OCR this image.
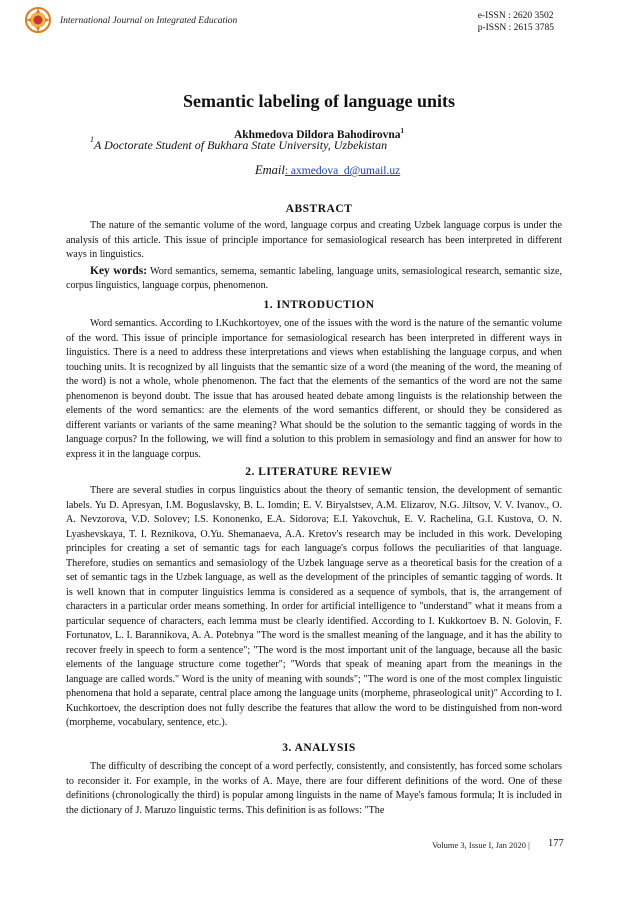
International Journal on Integrated Education	e-ISSN : 2620 3502
p-ISSN : 2615 3785
Semantic labeling of language units
Akhmedova Dildora Bahodirovna$^1$
$^1$A Doctorate Student of Bukhara State University, Uzbekistan
Email: axmedova_d@umail.uz
ABSTRACT

The nature of the semantic volume of the word, language corpus and creating Uzbek language corpus is under the analysis of this article. This issue of principle importance for semasiological research has been interpreted in different ways in linguistics.

Key words: Word semantics, semema, semantic labeling, language units, semasiological research, semantic size, corpus linguistics, language corpus, phenomenon.

1. INTRODUCTION

Word semantics. According to I.Kuchkortoyev, one of the issues with the word is the nature of the semantic volume of the word. This issue of principle importance for semasiological research has been interpreted in different ways in linguistics. There is a need to address these interpretations and views when establishing the language corpus, and when touching units. It is recognized by all linguists that the semantic size of a word (the meaning of the word, the meaning of the word) is not a whole, whole phenomenon. The fact that the elements of the semantics of the word are not the same phenomenon is beyond doubt. The issue that has aroused heated debate among linguists is the relationship between the elements of the word semantics: are the elements of the word semantics different, or should they be considered as different variants or variants of the same meaning? What should be the solution to the semantic tagging of words in the language corpus? In the following, we will find a solution to this problem in semasiology and find an answer for how to express it in the language corpus.

2. LITERATURE REVIEW

There are several studies in corpus linguistics about the theory of semantic tension, the development of semantic labels. Yu D. Apresyan, I.M. Boguslavsky, B. L. Iomdin; E. V. Biryalstsev, A.M. Elizarov, N.G. Jiltsov, V. V. Ivanov., O. A. Nevzorova, V.D. Solovev; I.S. Kononenko, E.A. Sidorova; E.I. Yakovchuk, E. V. Rachelina, G.I. Kustova, O. N. Lyashevskaya, T. I. Reznikova, O.Yu. Shemanaeva, A.A. Kretov's research may be included in this work. Developing principles for creating a set of semantic tags for each language's corpus follows the peculiarities of that language. Therefore, studies on semantics and semasiology of the Uzbek language serve as a theoretical basis for the creation of a set of semantic tags in the Uzbek language, as well as the development of the principles of semantic tagging of words. It is well known that in computer linguistics lemma is considered as a sequence of symbols, that is, the arrangement of characters in a particular order means something. In order for artificial intelligence to "understand" what it means from a particular sequence of characters, each lemma must be clearly identified. According to I. Kukkortoev B. N. Golovin, F. Fortunatov, L. I. Barannikova, A. A. Potebnya "The word is the smallest meaning of the language, and it has the ability to recover freely in speech to form a sentence"; "The word is the most important unit of the language, because all the basic elements of the language structure come together"; "Words that speak of meaning apart from the meanings in the language are called words." Word is the unity of meaning with sounds"; "The word is one of the most complex linguistic phenomena that hold a separate, central place among the language units (morpheme, phraseological unit)" According to I. Kuchkortoev, the description does not fully describe the features that allow the word to be distinguished from non-word (morpheme, vocabulary, sentence, etc.).

3. ANALYSIS

The difficulty of describing the concept of a word perfectly, consistently, and consistently, has forced some scholars to reconsider it. For example, in the works of A. Maye, there are four different definitions of the word. One of these definitions (chronologically the third) is popular among linguists in the name of Maye's famous formula; It is included in the dictionary of J. Maruzo linguistic terms. This definition is as follows: "The

Volume 3, Issue I, Jan 2020 | 177
